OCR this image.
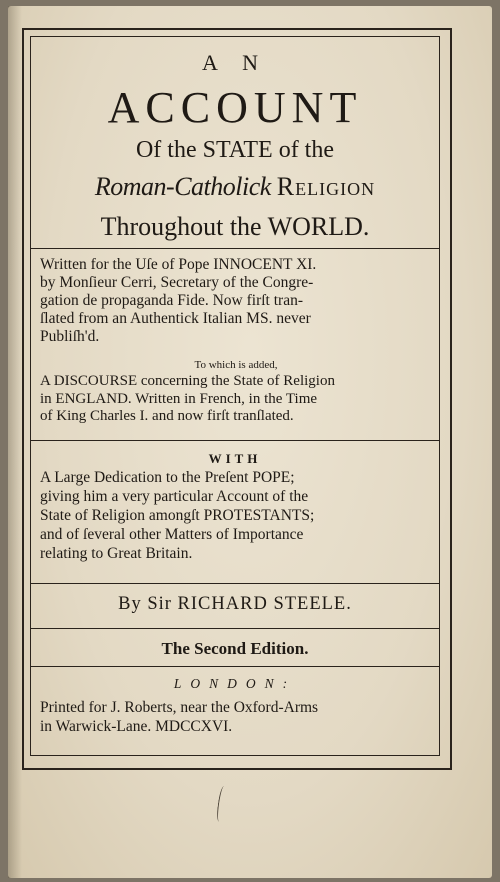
A N
ACCOUNT
Of the STATE of the
Roman-Catholick Religion
Throughout the WORLD.
Written for the Uſe of Pope INNOCENT XI.
by Monſieur Cerri, Secretary of the Congre-
gation de propaganda Fide. Now firſt tran-
ſlated from an Authentick Italian MS. never
Publiſh'd.
To which is added,
A DISCOURSE concerning the State of Religion
in ENGLAND. Written in French, in the Time
of King Charles I. and now firſt tranſlated.
WITH
A Large Dedication to the Preſent POPE;
giving him a very particular Account of the
State of Religion amongſt PROTESTANTS;
and of ſeveral other Matters of Importance
relating to Great Britain.
By Sir RICHARD STEELE.
The Second Edition.
LONDON:
Printed for J. Roberts, near the Oxford-Arms
in Warwick-Lane. MDCCXVI.
